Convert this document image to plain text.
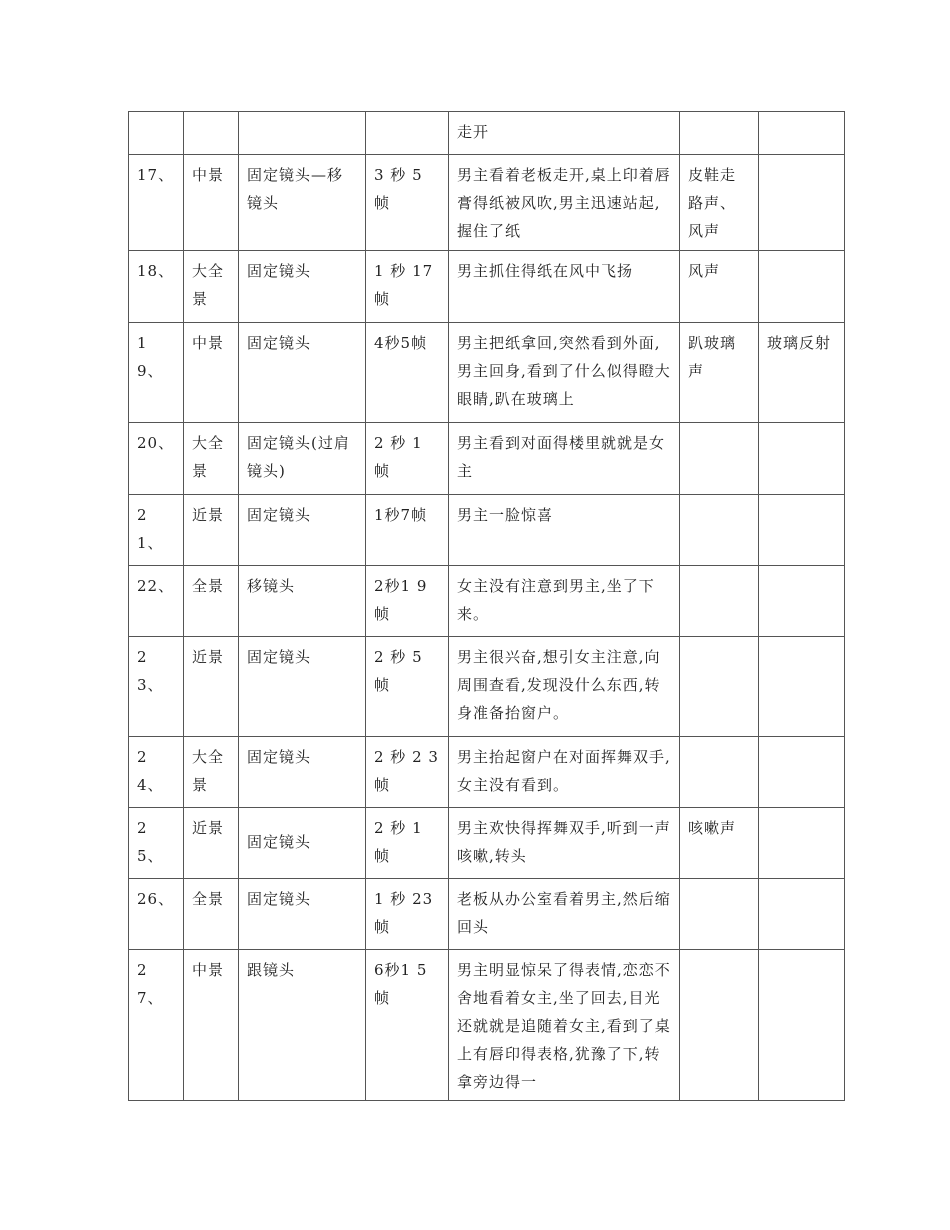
				走开		
17、	中景	固定镜头—移镜头	3 秒 5 帧	男主看着老板走开,桌上印着唇膏得纸被风吹,男主迅速站起,握住了纸	皮鞋走路声、风声	
18、	大全景	固定镜头	1 秒 17 帧	男主抓住得纸在风中飞扬	风声	
1 9、	中景	固定镜头	4秒5帧	男主把纸拿回,突然看到外面,男主回身,看到了什么似得瞪大眼睛,趴在玻璃上	趴玻璃声	玻璃反射
20、	大全景	固定镜头(过肩镜头)	2 秒 1 帧	男主看到对面得楼里就就是女主		
2 1、	近景	固定镜头	1秒7帧	男主一脸惊喜		
22、	全景	移镜头	2秒1 9帧	女主没有注意到男主,坐了下来。		
2 3、	近景	固定镜头	2 秒 5 帧	男主很兴奋,想引女主注意,向周围查看,发现没什么东西,转身准备抬窗户。		
2 4、	大全景	固定镜头	2 秒 2 3帧	男主抬起窗户在对面挥舞双手,女主没有看到。		
2 5、	近景	固定镜头	2 秒 1 帧	男主欢快得挥舞双手,听到一声咳嗽,转头	咳嗽声	
26、	全景	固定镜头	1 秒 23 帧	老板从办公室看着男主,然后缩回头		
2 7、	中景	跟镜头	6秒1 5帧	男主明显惊呆了得表情,恋恋不舍地看着女主,坐了回去,目光还就就是追随着女主,看到了桌上有唇印得表格,犹豫了下,转拿旁边得一		
